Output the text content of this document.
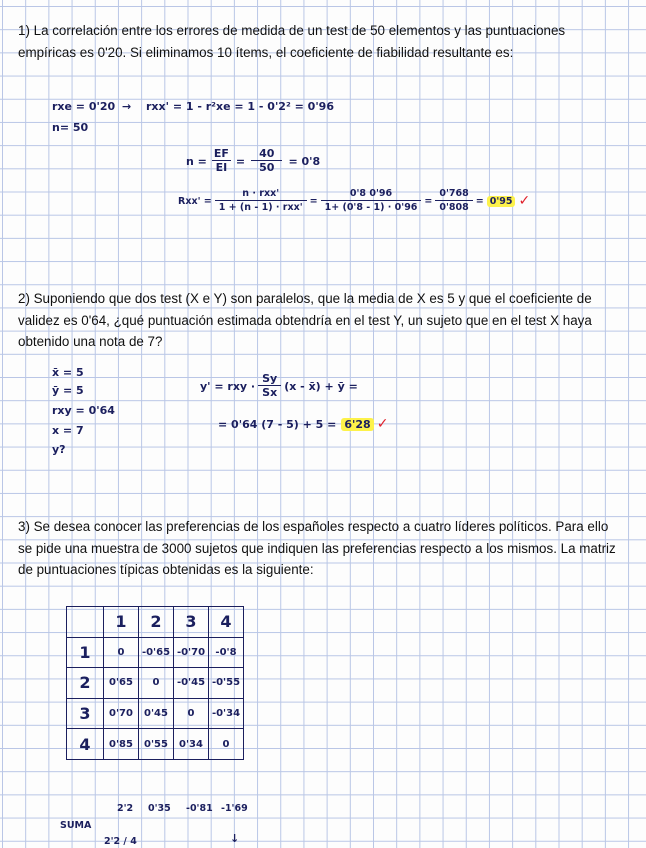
1) La correlación entre los errores de medida de un test de 50 elementos y las puntuaciones empíricas es 0'20. Si eliminamos 10 ítems, el coeficiente de fiabilidad resultante es:
rxe = 0'20 → rxx' = 1 - r²xe = 1 - 0'2² = 0'96
n= 50
$n = \frac{EF}{EI} = \frac{40}{50} = 0'8$
$Rxx' = \frac{\text{n · rxx'}}{\text{1 + (n - 1) · rxx'}} = \frac{0'8 0'96}{1+ (0'8 - 1) \cdot 0'96} = \frac{0'768}{0'808} = 0'95$ ✓
2) Suponiendo que dos test (X e Y) son paralelos, que la media de X es 5 y que el coeficiente de validez es 0'64, ¿qué puntuación estimada obtendría en el test Y, un sujeto que en el test X haya obtenido una nota de 7?
x̄ = 5
ȳ = 5
rxy = 0'64
x = 7
y?
y' = rxy · $\frac{Sy}{Sx} (x$ - x̄) + ȳ =
= 0'64 (7 - 5) + 5 = 6'28 ✓
3) Se desea conocer las preferencias de los españoles respecto a cuatro líderes políticos. Para ello se pide una muestra de 3000 sujetos que indiquen las preferencias respecto a los mismos. La matriz de puntuaciones típicas obtenidas es la siguiente:
	1	2	3	4
1	0	-0'65	-0'70	-0'8
2	0'65	0	-0'45	-0'55
3	0'70	0'45	0	-0'34
4	0'85	0'55	0'34	0
SUMA
2'2 0'35 -0'81 -1'69
2'2 / 4	↓
